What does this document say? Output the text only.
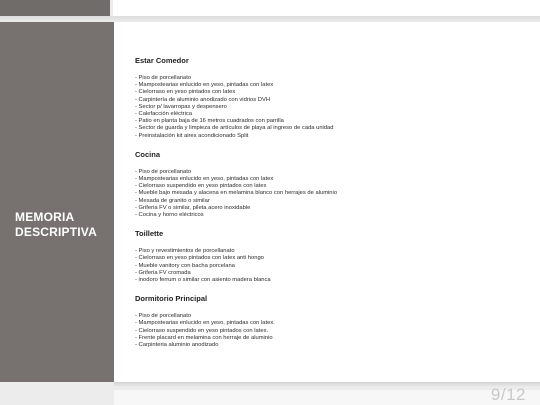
MEMORIA
DESCRIPTIVA
Estar Comedor
- Piso de porcellanato
- Mampostearias enlucido en yeso, pintadas con latex
- Cielorraso en yeso pintados con latex
- Carpintería de aluminio anodizado con vidrios DVH
- Sector p/ lavarropas y despensero
- Calefacción eléctrica
- Patio en planta baja de 16 metros cuadrados con parrilla
- Sector de guarda y limpieza de artículos de playa al ingreso de cada unidad
- Preinstalación kit aires acondicionado Split
Cocina
- Piso de porcellanato
- Mampostearias enlucido en yeso, pintadas con latex
- Cielorraso suspendido en yeso pintados con latex
- Mueble bajo mesada y alacena en melamina blanco con herrajes de aluminio
- Mesada de granito o similar
- Griferia FV o similar, pileta acero inoxidable
- Cocina y horno eléctricos
Toillette
- Piso y revestimientos de porcellanato
- Cielorraso en yeso pintados con latex anti hongo
- Mueble vanitory con bacha porcelana
- Griferia FV cromada
- inodoro ferrum o similar con asiento madera blanca
Dormitorio Principal
- Piso de porcellanato
- Mampostearias enlucido en yeso, pintadas con latex.
- Cielorraso suspendido en yeso pintados con latex.
- Frente placard en melamina con herraje de aluminio
- Carpinteria aluminio anodizado
9/12
